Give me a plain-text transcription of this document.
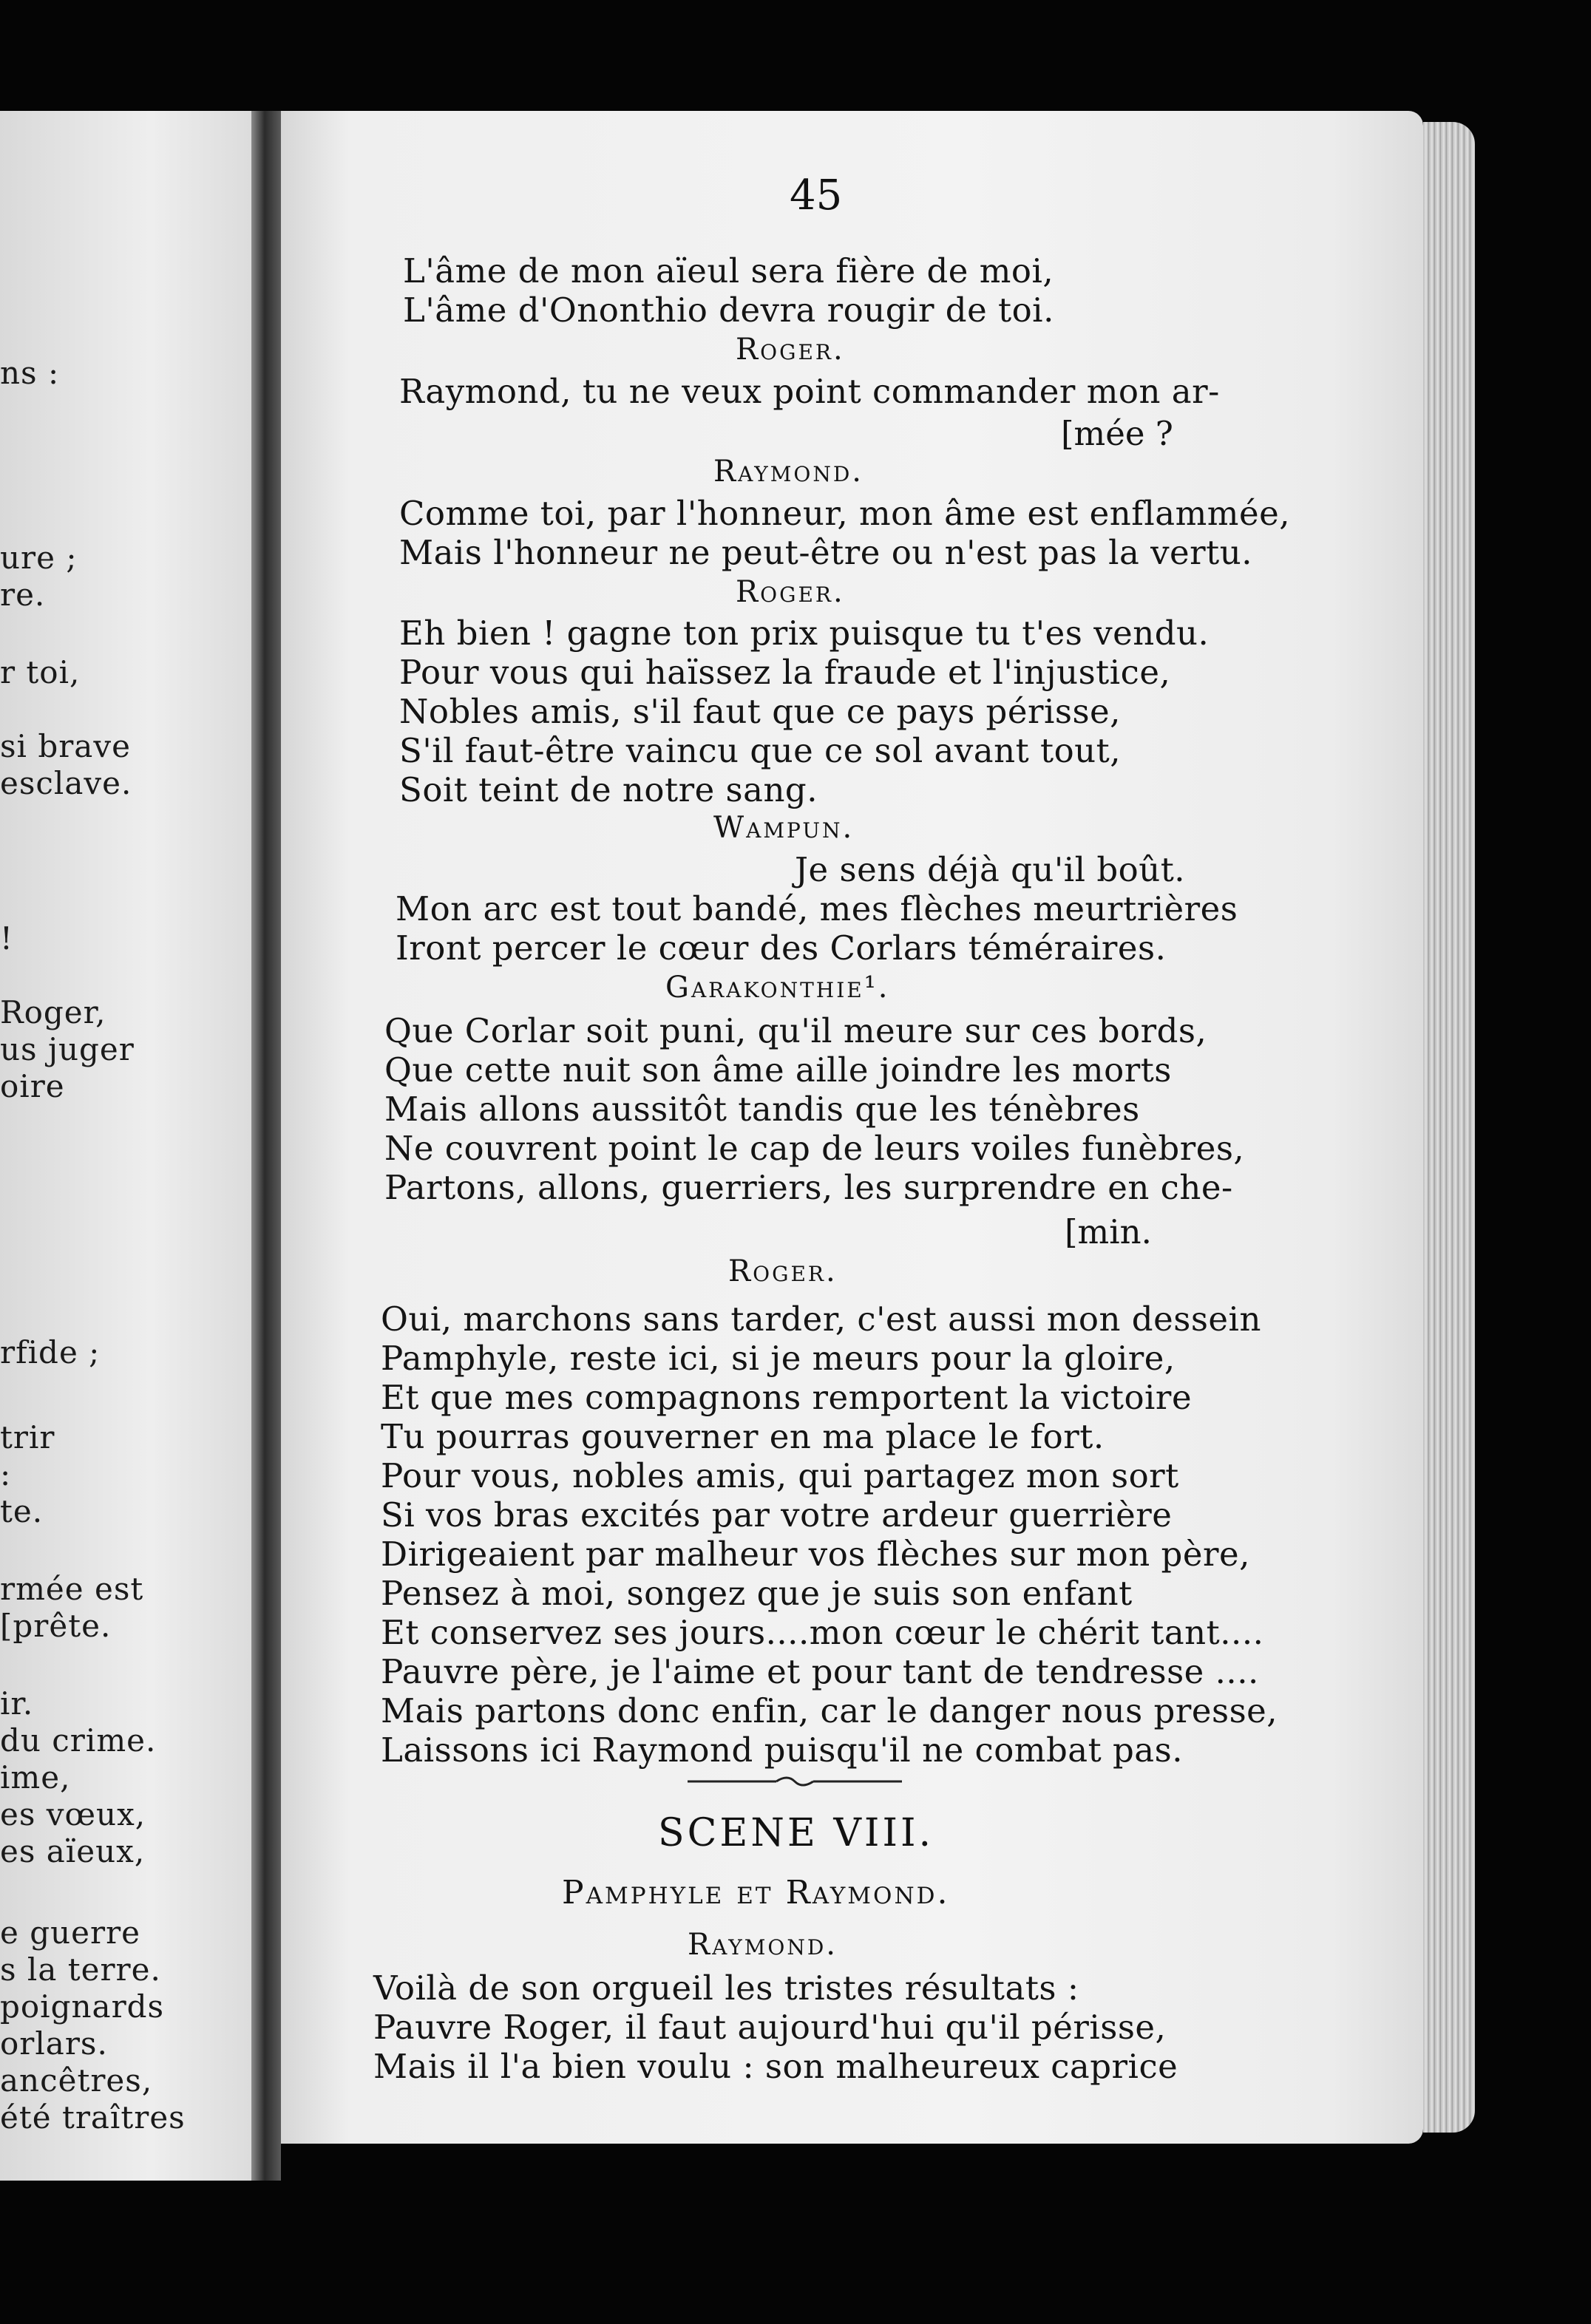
ns :
ure ;
re.
r toi,
si brave
esclave.
!
Roger,
us juger
oire
rfide ;
trir
:
te.
rmée est
[prête.
ir.
du crime.
ime,
es vœux,
es aïeux,
e guerre
s la terre.
poignards
orlars.
ancêtres,
été traîtres
45
L'âme de mon aïeul sera fière de moi,
L'âme d'Ononthio devra rougir de toi.
Roger.
Raymond, tu ne veux point commander mon ar-
[mée ?
Raymond.
Comme toi, par l'honneur, mon âme est enflammée,
Mais l'honneur ne peut-être ou n'est pas la vertu.
Roger.
Eh bien ! gagne ton prix puisque tu t'es vendu.
Pour vous qui haïssez la fraude et l'injustice,
Nobles amis, s'il faut que ce pays périsse,
S'il faut-être vaincu que ce sol avant tout,
Soit teint de notre sang.
Wampun.
Je sens déjà qu'il boût.
Mon arc est tout bandé, mes flèches meurtrières
Iront percer le cœur des Corlars téméraires.
Garakonthie¹.
Que Corlar soit puni, qu'il meure sur ces bords,
Que cette nuit son âme aille joindre les morts
Mais allons aussitôt tandis que les ténèbres
Ne couvrent point le cap de leurs voiles funèbres,
Partons, allons, guerriers, les surprendre en che-
[min.
Roger.
Oui, marchons sans tarder, c'est aussi mon dessein
Pamphyle, reste ici, si je meurs pour la gloire,
Et que mes compagnons remportent la victoire
Tu pourras gouverner en ma place le fort.
Pour vous, nobles amis, qui partagez mon sort
Si vos bras excités par votre ardeur guerrière
Dirigeaient par malheur vos flèches sur mon père,
Pensez à moi, songez que je suis son enfant
Et conservez ses jours....mon cœur le chérit tant....
Pauvre père, je l'aime et pour tant de tendresse ....
Mais partons donc enfin, car le danger nous presse,
Laissons ici Raymond puisqu'il ne combat pas.
SCENE VIII.
Pamphyle et Raymond.
Raymond.
Voilà de son orgueil les tristes résultats :
Pauvre Roger, il faut aujourd'hui qu'il périsse,
Mais il l'a bien voulu : son malheureux caprice
